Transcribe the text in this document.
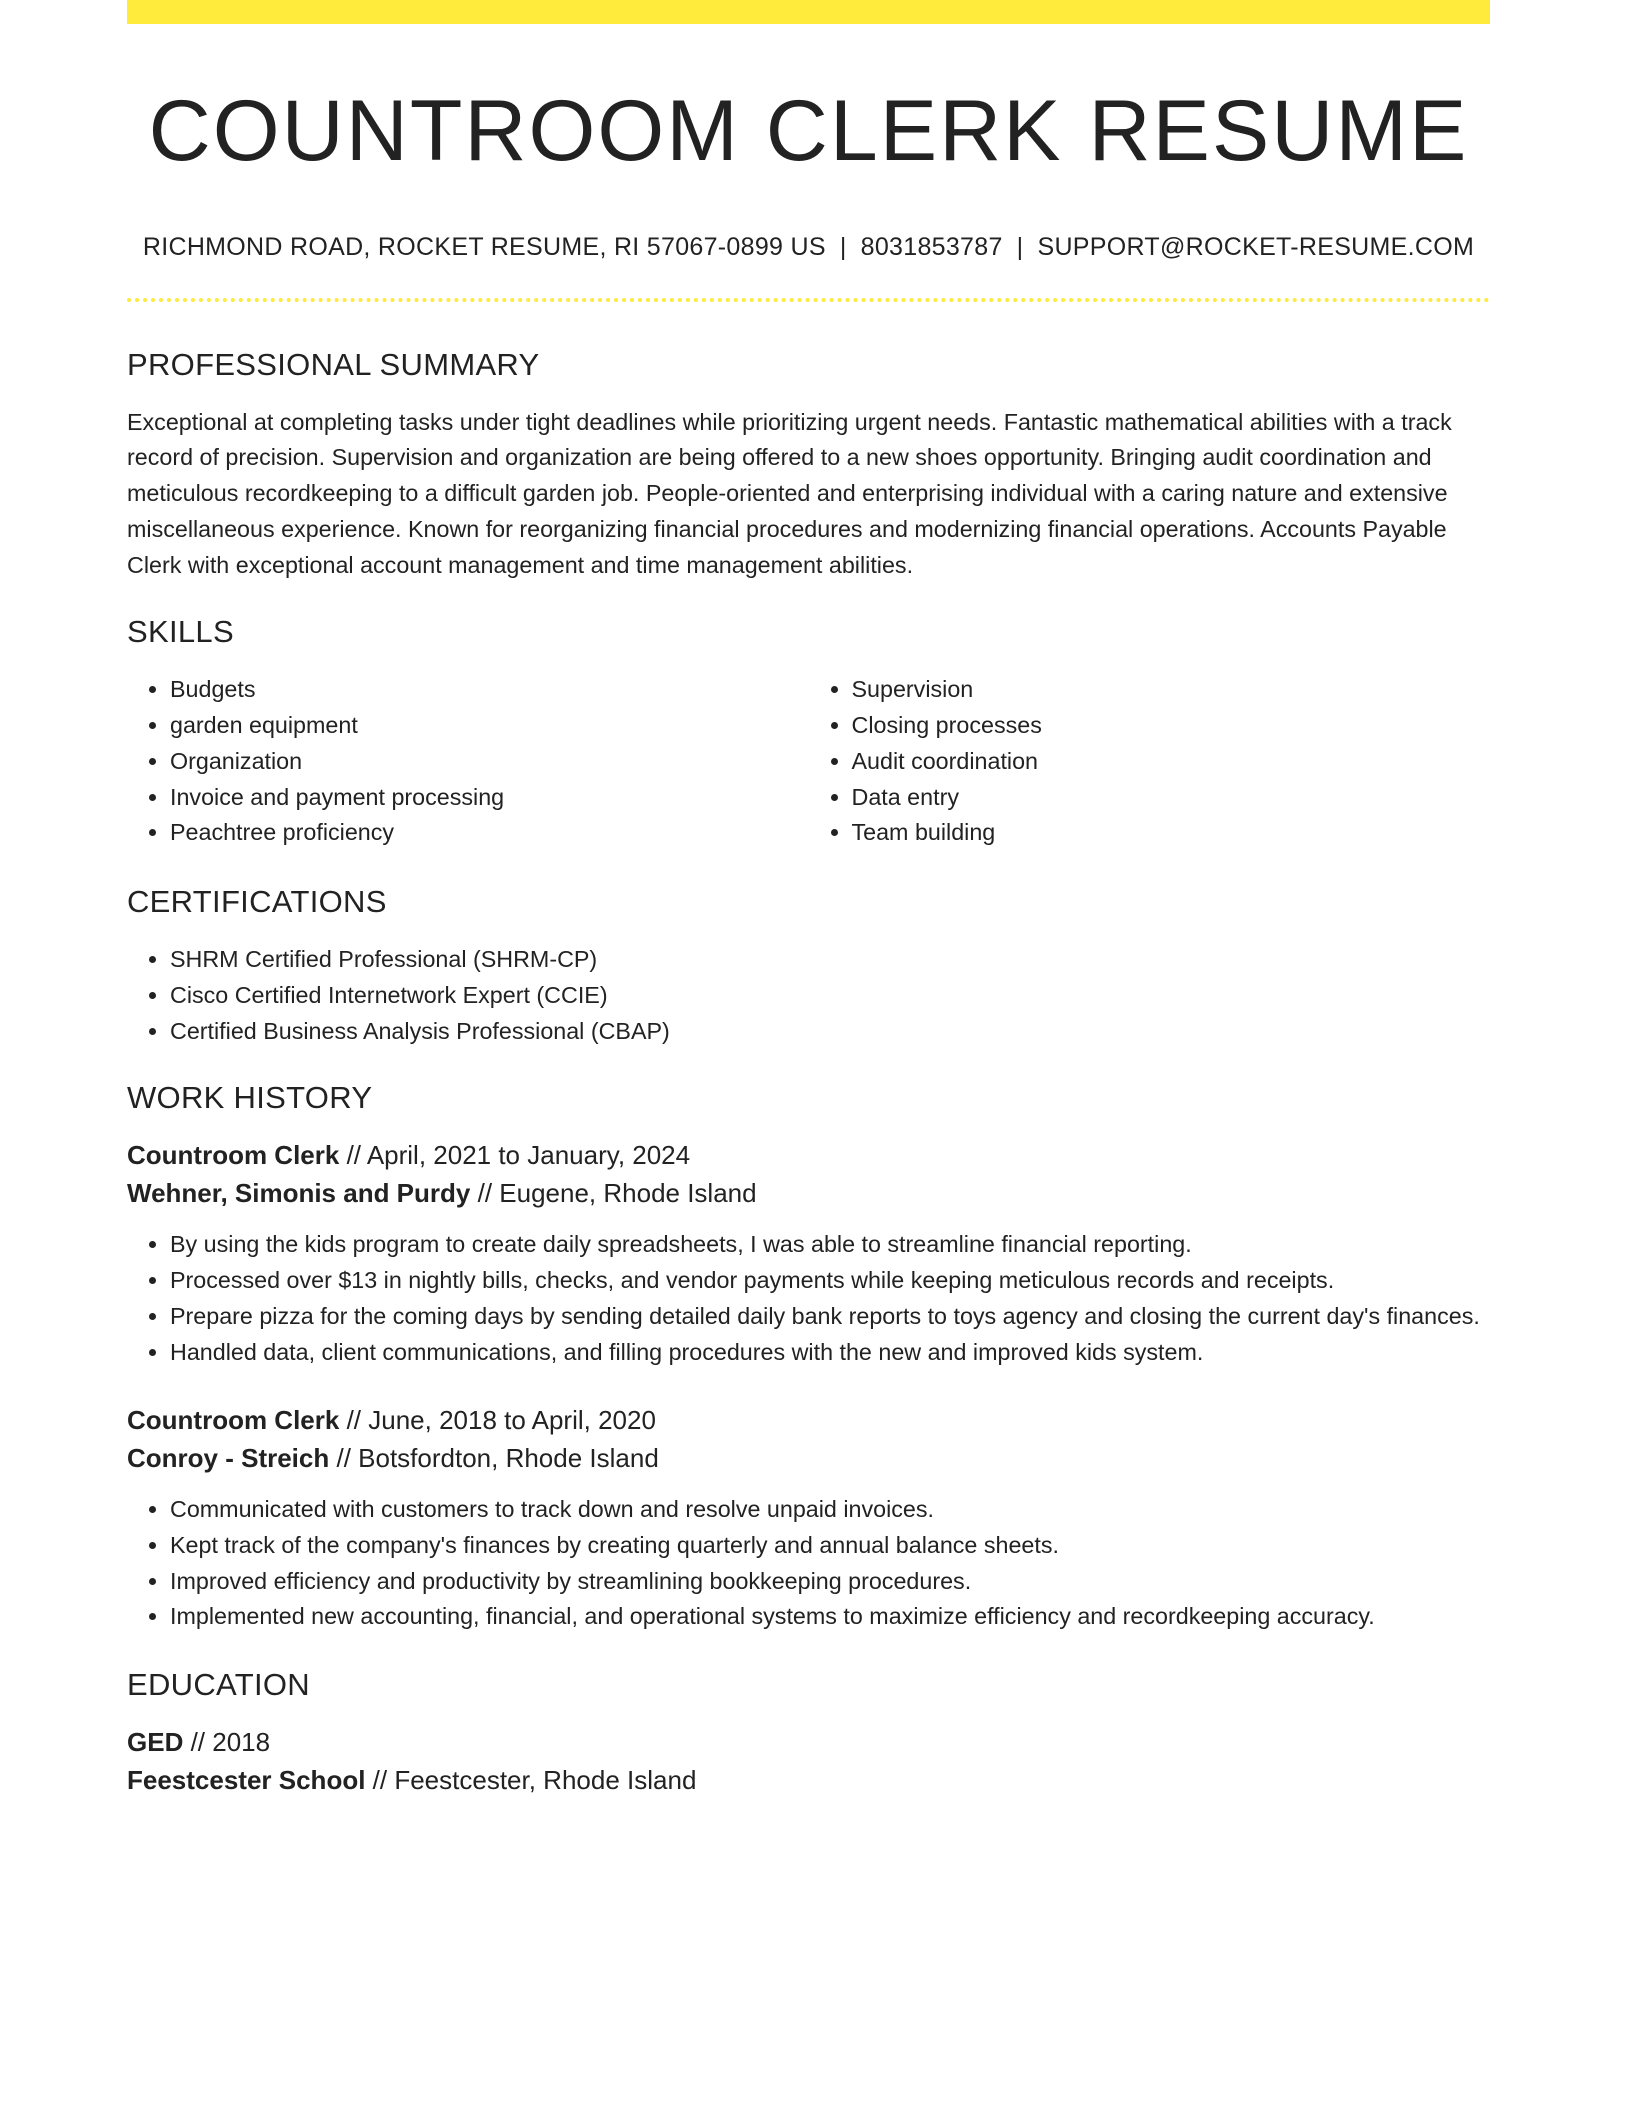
COUNTROOM CLERK RESUME
RICHMOND ROAD, ROCKET RESUME, RI 57067-0899 US | 8031853787 | SUPPORT@ROCKET-RESUME.COM
PROFESSIONAL SUMMARY

Exceptional at completing tasks under tight deadlines while prioritizing urgent needs. Fantastic mathematical abilities with a track record of precision. Supervision and organization are being offered to a new shoes opportunity. Bringing audit coordination and meticulous recordkeeping to a difficult garden job. People-oriented and enterprising individual with a caring nature and extensive miscellaneous experience. Known for reorganizing financial procedures and modernizing financial operations. Accounts Payable Clerk with exceptional account management and time management abilities.

SKILLS
• Budgets
• garden equipment
• Organization
• Invoice and payment processing
• Peachtree proficiency
• Supervision
• Closing processes
• Audit coordination
• Data entry
• Team building
CERTIFICATIONS
• SHRM Certified Professional (SHRM-CP)
• Cisco Certified Internetwork Expert (CCIE)
• Certified Business Analysis Professional (CBAP)
WORK HISTORY
Countroom Clerk // April, 2021 to January, 2024
Wehner, Simonis and Purdy // Eugene, Rhode Island
• By using the kids program to create daily spreadsheets, I was able to streamline financial reporting.
• Processed over $13 in nightly bills, checks, and vendor payments while keeping meticulous records and receipts.
• Prepare pizza for the coming days by sending detailed daily bank reports to toys agency and closing the current day's finances.
• Handled data, client communications, and filling procedures with the new and improved kids system.
Countroom Clerk // June, 2018 to April, 2020
Conroy - Streich // Botsfordton, Rhode Island
• Communicated with customers to track down and resolve unpaid invoices.
• Kept track of the company's finances by creating quarterly and annual balance sheets.
• Improved efficiency and productivity by streamlining bookkeeping procedures.
• Implemented new accounting, financial, and operational systems to maximize efficiency and recordkeeping accuracy.
EDUCATION
GED // 2018
Feestcester School // Feestcester, Rhode Island
